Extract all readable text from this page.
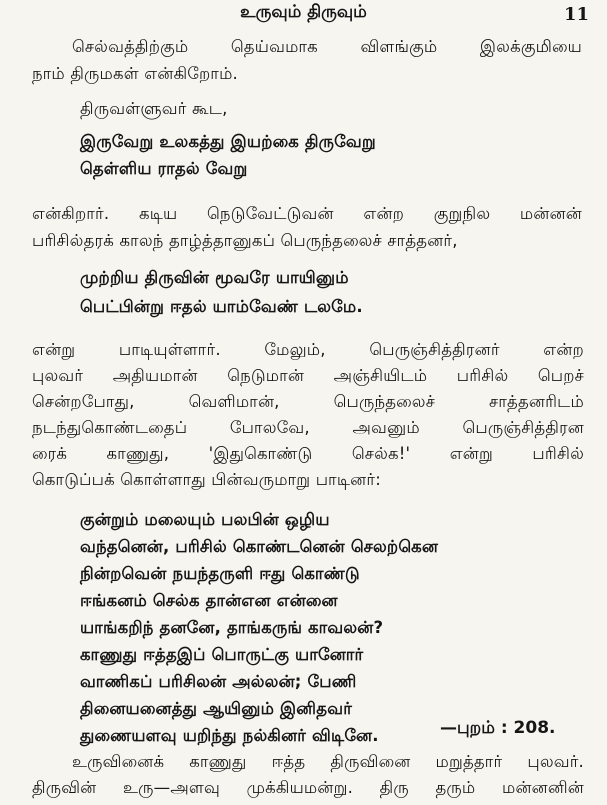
உருவும் திருவும்	11
செல்வத்திற்கும் தெய்வமாக விளங்கும் இலக்குமியை
நாம் திருமகள் என்கிறோம்.
திருவள்ளுவர் கூட,
இருவேறு உலகத்து இயற்கை திருவேறு
தெள்ளிய ராதல் வேறு
என்கிறார். கடிய நெடுவேட்டுவன் என்ற குறுநில மன்னன்
பரிசில்தரக் காலந் தாழ்த்தானுகப் பெருந்தலைச் சாத்தனர்,
முற்றிய திருவின் மூவரே யாயினும்
பெட்பின்று ஈதல் யாம்வேண் டலமே.
என்று பாடியுள்ளார். மேலும், பெருஞ்சித்திரனர் என்ற
புலவர் அதியமான் நெடுமான் அஞ்சியிடம் பரிசில் பெறச்
சென்றபோது, வெளிமான், பெருந்தலைச் சாத்தனரிடம்
நடந்துகொண்டதைப் போலவே, அவனும் பெருஞ்சித்திரன
ரைக் காணுது, 'இதுகொண்டு செல்க!' என்று பரிசில்
கொடுப்பக் கொள்ளாது பின்வருமாறு பாடினர்:
குன்றும் மலையும் பலபின் ஒழிய
வந்தனென், பரிசில் கொண்டனென் செலற்கென
நின்றவென் நயந்தருளி ஈது கொண்டு
ஈங்கனம் செல்க தான்என என்னை
யாங்கறிந் தனனே, தாங்கருங் காவலன்?
காணுது ஈத்தஇப் பொருட்கு யானோர்
வாணிகப் பரிசிலன் அல்லன்; பேணி
தினையனைத்து ஆயினும் இனிதவர்
துணையளவு யறிந்து நல்கினர் விடினே.	—புறம் : 208.
உருவினைக் காணுது ஈத்த திருவினை மறுத்தார் புலவர்.
திருவின் உரு—அளவு முக்கியமன்று. திரு தரும் மன்னனின்
